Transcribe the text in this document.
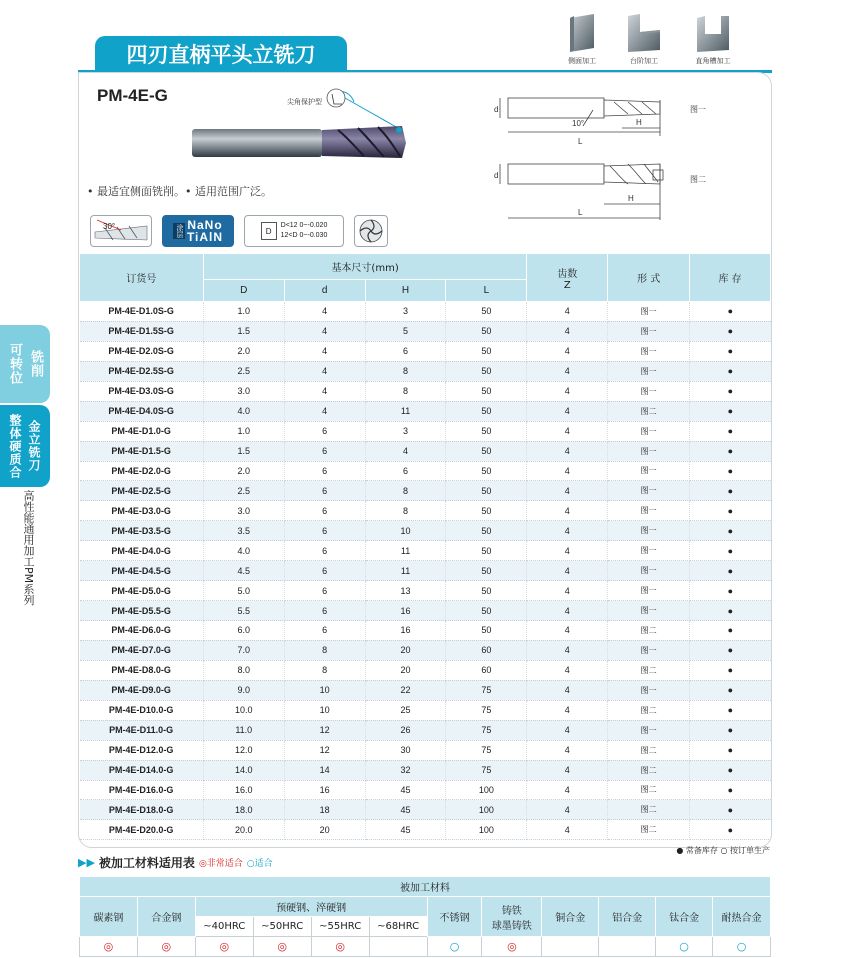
四刃直柄平头立铣刀	侧面加工	台阶加工	直角槽加工
PM-4E-G	尖角保护型
d
H
L
10°
d
H
L
图一
图二
• 最适宜侧面铣削。• 适用范围广泛。
30°	涂层 NaNo
TiAlN	D
D<12 0~-0.020
12<D 0~-0.030
订货号	基本尺寸(mm)				齿数
Z	形 式	库 存
	D	d	H	L			
PM-4E-D1.0S-G	1.0	4	3	50	4	图一	●
PM-4E-D1.5S-G	1.5	4	5	50	4	图一	●
PM-4E-D2.0S-G	2.0	4	6	50	4	图一	●
PM-4E-D2.5S-G	2.5	4	8	50	4	图一	●
PM-4E-D3.0S-G	3.0	4	8	50	4	图一	●
PM-4E-D4.0S-G	4.0	4	11	50	4	图二	●
PM-4E-D1.0-G	1.0	6	3	50	4	图一	●
PM-4E-D1.5-G	1.5	6	4	50	4	图一	●
PM-4E-D2.0-G	2.0	6	6	50	4	图一	●
PM-4E-D2.5-G	2.5	6	8	50	4	图一	●
PM-4E-D3.0-G	3.0	6	8	50	4	图一	●
PM-4E-D3.5-G	3.5	6	10	50	4	图一	●
PM-4E-D4.0-G	4.0	6	11	50	4	图一	●
PM-4E-D4.5-G	4.5	6	11	50	4	图一	●
PM-4E-D5.0-G	5.0	6	13	50	4	图一	●
PM-4E-D5.5-G	5.5	6	16	50	4	图一	●
PM-4E-D6.0-G	6.0	6	16	50	4	图二	●
PM-4E-D7.0-G	7.0	8	20	60	4	图一	●
PM-4E-D8.0-G	8.0	8	20	60	4	图二	●
PM-4E-D9.0-G	9.0	10	22	75	4	图一	●
PM-4E-D10.0-G	10.0	10	25	75	4	图二	●
PM-4E-D11.0-G	11.0	12	26	75	4	图一	●
PM-4E-D12.0-G	12.0	12	30	75	4	图二	●
PM-4E-D14.0-G	14.0	14	32	75	4	图二	●
PM-4E-D16.0-G	16.0	16	45	100	4	图二	●
PM-4E-D18.0-G	18.0	18	45	100	4	图二	●
PM-4E-D20.0-G	20.0	20	45	100	4	图二	●
● 常备库存 ○ 按订单生产
▶▶ 被加工材料适用表 ◎非常适合 ○适合
被加工材料											
碳素钢	合金钢	预硬钢、淬硬钢				不锈钢	铸铁
球墨铸铁	铜合金	铝合金	钛合金	耐热合金
		~40HRC	~50HRC	~55HRC	~68HRC						
◎	◎	◎	◎	◎		○	◎			○	○
可转位 铣削
整体硬质合 金立铣刀
高性能通用加工PM系列
